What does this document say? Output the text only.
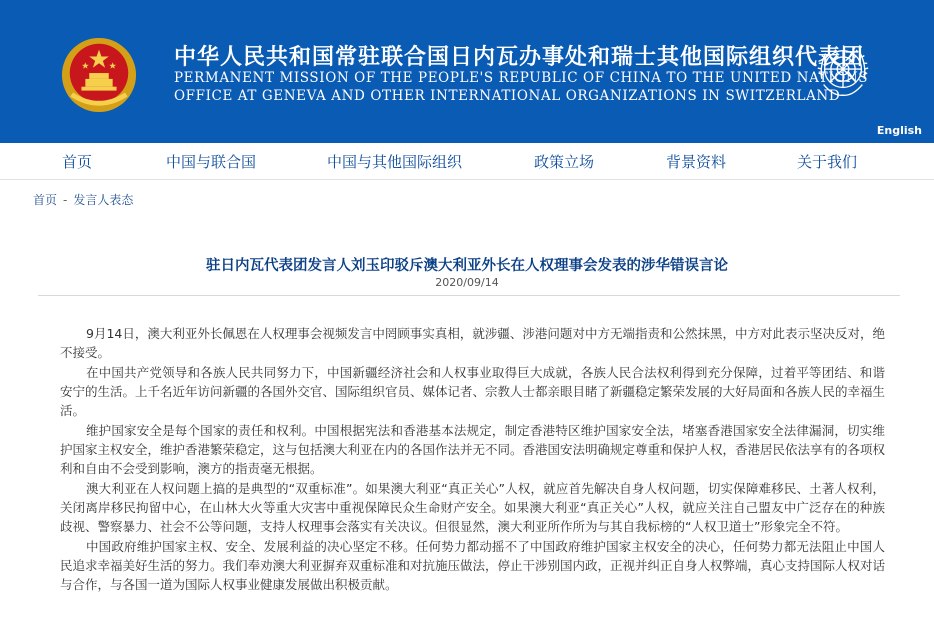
中华人民共和国常驻联合国日内瓦办事处和瑞士其他国际组织代表团
PERMANENT MISSION OF THE PEOPLE'S REPUBLIC OF CHINA TO THE UNITED NATIONS
OFFICE AT GENEVA AND OTHER INTERNATIONAL ORGANIZATIONS IN SWITZERLAND
English
首页	中国与联合国	中国与其他国际组织	政策立场	背景资料	关于我们
首页 - 发言人表态
驻日内瓦代表团发言人刘玉印驳斥澳大利亚外长在人权理事会发表的涉华错误言论
2020/09/14

9月14日，澳大利亚外长佩恩在人权理事会视频发言中罔顾事实真相，就涉疆、涉港问题对中方无端指责和公然抹黑，中方对此表示坚决反对，绝不接受。

在中国共产党领导和各族人民共同努力下，中国新疆经济社会和人权事业取得巨大成就，各族人民合法权利得到充分保障，过着平等团结、和谐安宁的生活。上千名近年访问新疆的各国外交官、国际组织官员、媒体记者、宗教人士都亲眼目睹了新疆稳定繁荣发展的大好局面和各族人民的幸福生活。

维护国家安全是每个国家的责任和权利。中国根据宪法和香港基本法规定，制定香港特区维护国家安全法，堵塞香港国家安全法律漏洞，切实维护国家主权安全，维护香港繁荣稳定，这与包括澳大利亚在内的各国作法并无不同。香港国安法明确规定尊重和保护人权，香港居民依法享有的各项权利和自由不会受到影响，澳方的指责毫无根据。

澳大利亚在人权问题上搞的是典型的“双重标准”。如果澳大利亚“真正关心”人权，就应首先解决自身人权问题，切实保障难移民、土著人权利，关闭离岸移民拘留中心，在山林大火等重大灾害中重视保障民众生命财产安全。如果澳大利亚“真正关心”人权，就应关注自己盟友中广泛存在的种族歧视、警察暴力、社会不公等问题，支持人权理事会落实有关决议。但很显然，澳大利亚所作所为与其自我标榜的“人权卫道士”形象完全不符。

中国政府维护国家主权、安全、发展利益的决心坚定不移。任何势力都动摇不了中国政府维护国家主权安全的决心，任何势力都无法阻止中国人民追求幸福美好生活的努力。我们奉劝澳大利亚摒弃双重标准和对抗施压做法，停止干涉别国内政，正视并纠正自身人权弊端，真心支持国际人权对话与合作，与各国一道为国际人权事业健康发展做出积极贡献。
